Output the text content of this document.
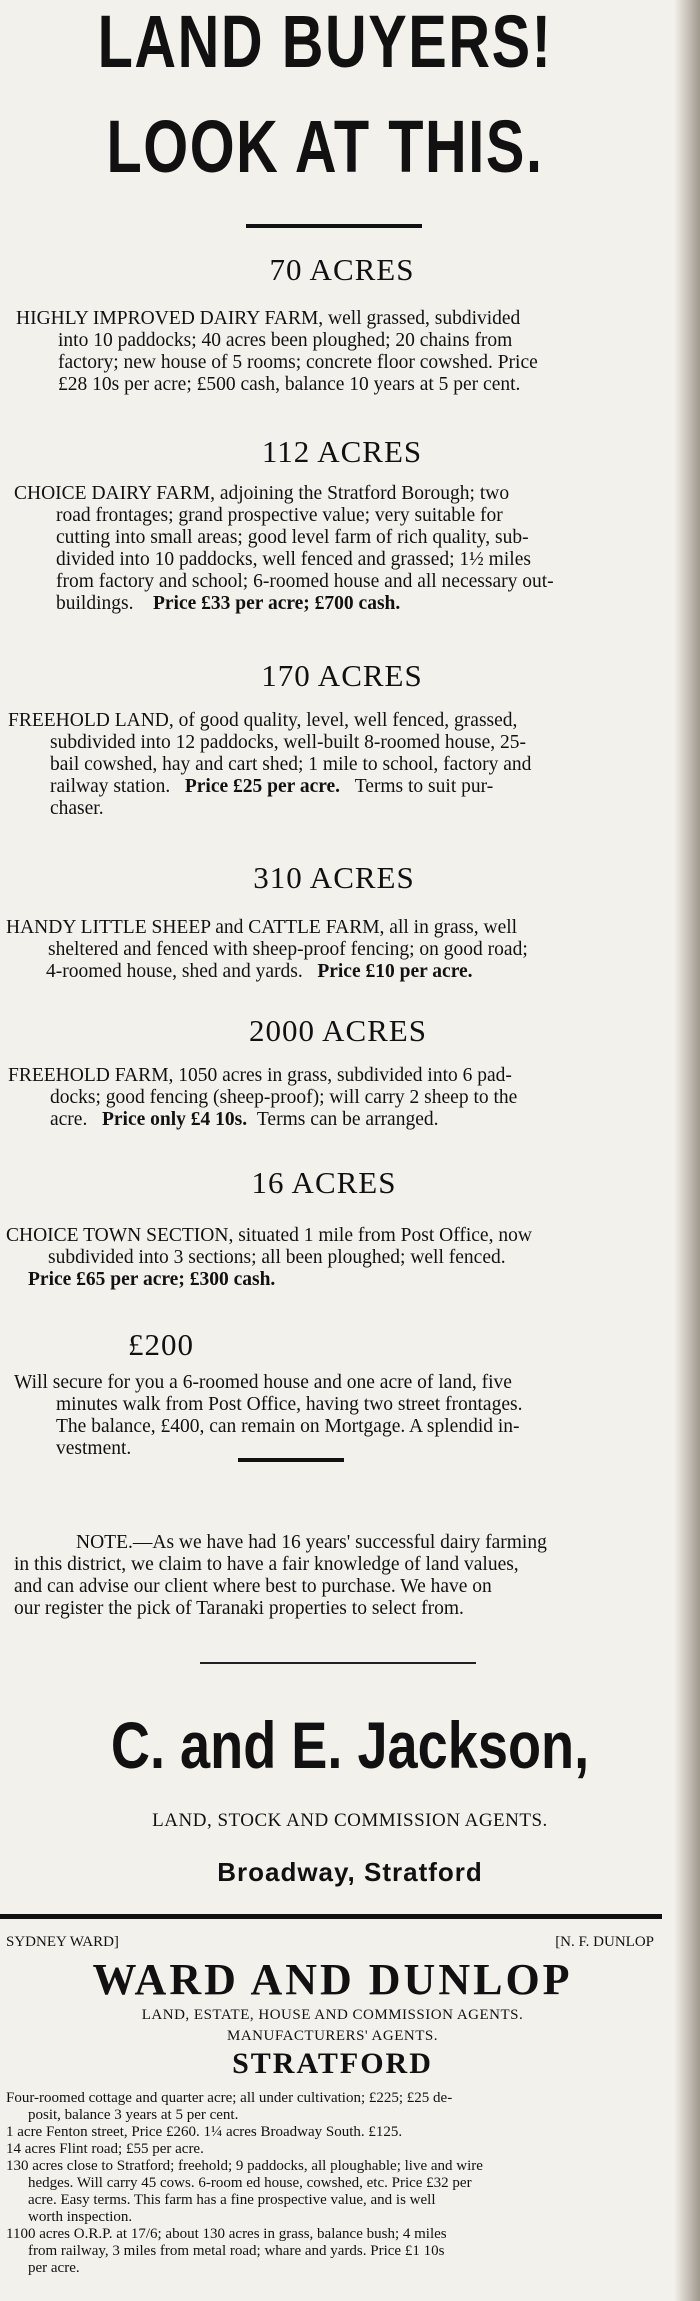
LAND BUYERS!
LOOK AT THIS.
70 ACRES
HIGHLY IMPROVED DAIRY FARM, well grassed, subdivided
into 10 paddocks; 40 acres been ploughed; 20 chains from
factory; new house of 5 rooms; concrete floor cowshed. Price
£28 10s per acre; £500 cash, balance 10 years at 5 per cent.
112 ACRES
CHOICE DAIRY FARM, adjoining the Stratford Borough; two
road frontages; grand prospective value; very suitable for
cutting into small areas; good level farm of rich quality, sub-
divided into 10 paddocks, well fenced and grassed; 1½ miles
from factory and school; 6-roomed house and all necessary out-
buildings. Price £33 per acre; £700 cash.
170 ACRES
FREEHOLD LAND, of good quality, level, well fenced, grassed,
subdivided into 12 paddocks, well-built 8-roomed house, 25-
bail cowshed, hay and cart shed; 1 mile to school, factory and
railway station. Price £25 per acre. Terms to suit pur-
chaser.
310 ACRES
HANDY LITTLE SHEEP and CATTLE FARM, all in grass, well
sheltered and fenced with sheep-proof fencing; on good road;
4-roomed house, shed and yards. Price £10 per acre.
2000 ACRES
FREEHOLD FARM, 1050 acres in grass, subdivided into 6 pad-
docks; good fencing (sheep-proof); will carry 2 sheep to the
acre. Price only £4 10s. Terms can be arranged.
16 ACRES
CHOICE TOWN SECTION, situated 1 mile from Post Office, now
subdivided into 3 sections; all been ploughed; well fenced.
Price £65 per acre; £300 cash.
£200
Will secure for you a 6-roomed house and one acre of land, five
minutes walk from Post Office, having two street frontages.
The balance, £400, can remain on Mortgage. A splendid in-
vestment.
NOTE.—As we have had 16 years' successful dairy farming
in this district, we claim to have a fair knowledge of land values,
and can advise our client where best to purchase. We have on
our register the pick of Taranaki properties to select from.
C. and E. Jackson,
LAND, STOCK AND COMMISSION AGENTS.
Broadway, Stratford
SYDNEY WARD]	[N. F. DUNLOP
WARD AND DUNLOP
LAND, ESTATE, HOUSE AND COMMISSION AGENTS.
MANUFACTURERS' AGENTS.
STRATFORD
Four-roomed cottage and quarter acre; all under cultivation; £225; £25 de-
posit, balance 3 years at 5 per cent.
1 acre Fenton street, Price £260. 1¼ acres Broadway South. £125.
14 acres Flint road; £55 per acre.
130 acres close to Stratford; freehold; 9 paddocks, all ploughable; live and wire
hedges. Will carry 45 cows. 6-room ed house, cowshed, etc. Price £32 per
acre. Easy terms. This farm has a fine prospective value, and is well
worth inspection.
1100 acres O.R.P. at 17/6; about 130 acres in grass, balance bush; 4 miles
from railway, 3 miles from metal road; whare and yards. Price £1 10s
per acre.
